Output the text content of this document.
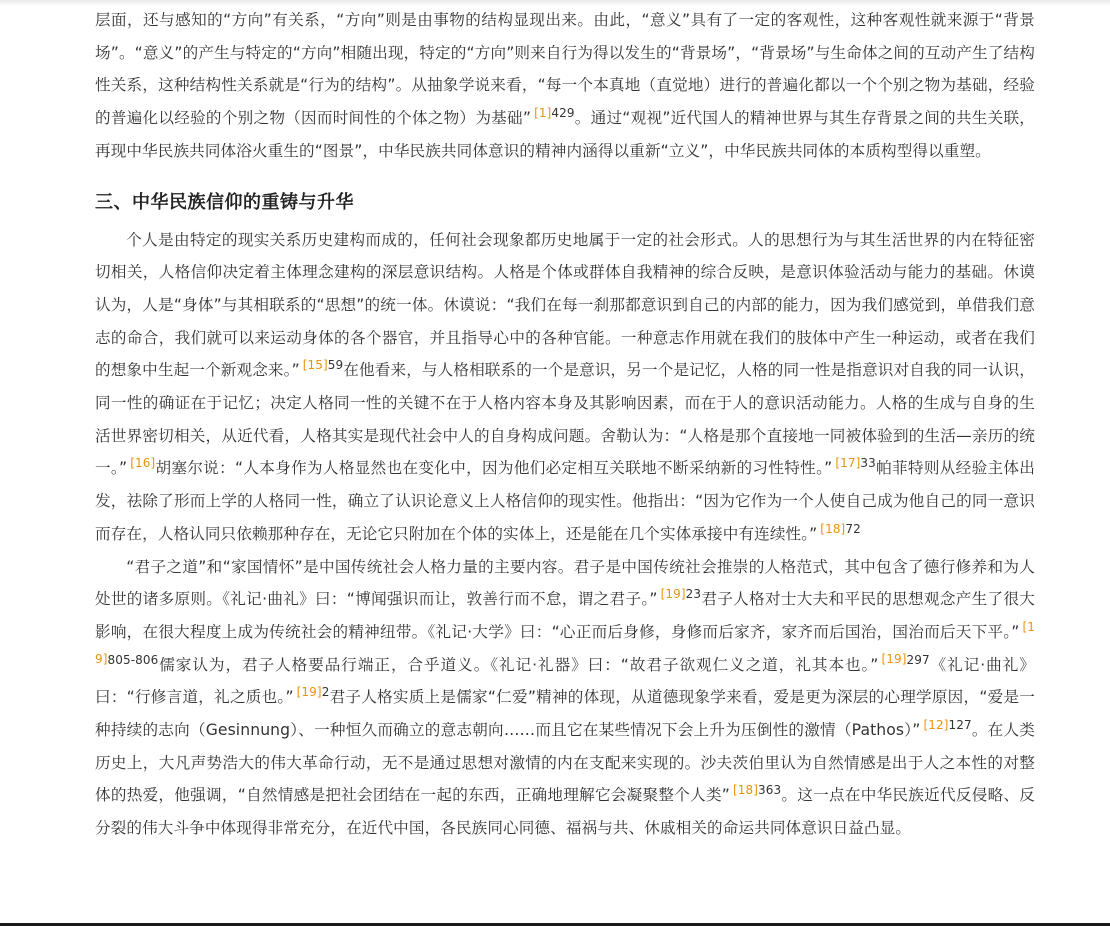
层面，还与感知的“方向”有关系，“方向”则是由事物的结构显现出来。由此，“意义”具有了一定的客观性，这种客观性就来源于“背景场”。“意义”的产生与特定的“方向”相随出现，特定的“方向”则来自行为得以发生的“背景场”，“背景场”与生命体之间的互动产生了结构性关系，这种结构性关系就是“行为的结构”。从抽象学说来看，“每一个本真地（直觉地）进行的普遍化都以一个个别之物为基础，经验的普遍化以经验的个别之物（因而时间性的个体之物）为基础” $^{[1]429}$。通过“观视”近代国人的精神世界与其生存背景之间的共生关联，再现中华民族共同体浴火重生的“图景”，中华民族共同体意识的精神内涵得以重新“立义”，中华民族共同体的本质构型得以重塑。

三、中华民族信仰的重铸与升华

个人是由特定的现实关系历史建构而成的，任何社会现象都历史地属于一定的社会形式。人的思想行为与其生活世界的内在特征密切相关，人格信仰决定着主体理念建构的深层意识结构。人格是个体或群体自我精神的综合反映，是意识体验活动与能力的基础。休谟认为，人是“身体”与其相联系的“思想”的统一体。休谟说：“我们在每一刹那都意识到自己的内部的能力，因为我们感觉到，单借我们意志的命合，我们就可以来运动身体的各个器官，并且指导心中的各种官能。一种意志作用就在我们的肢体中产生一种运动，或者在我们的想象中生起一个新观念来。” $^{[15]59}$在他看来，与人格相联系的一个是意识，另一个是记忆，人格的同一性是指意识对自我的同一认识，同一性的确证在于记忆；决定人格同一性的关键不在于人格内容本身及其影响因素，而在于人的意识活动能力。人格的生成与自身的生活世界密切相关，从近代看，人格其实是现代社会中人的自身构成问题。舍勒认为：“人格是那个直接地一同被体验到的生活—亲历的统一。” [16]胡塞尔说：“人本身作为人格显然也在变化中，因为他们必定相互关联地不断采纳新的习性特性。” $^{[17]33}$帕菲特则从经验主体出发，祛除了形而上学的人格同一性，确立了认识论意义上人格信仰的现实性。他指出：“因为它作为一个人使自己成为他自己的同一意识而存在，人格认同只依赖那种存在，无论它只附加在个体的实体上，还是能在几个实体承接中有连续性。” $^{[18]72}$

“君子之道”和“家国情怀”是中国传统社会人格力量的主要内容。君子是中国传统社会推崇的人格范式，其中包含了德行修养和为人处世的诸多原则。《礼记·曲礼》曰：“博闻强识而让，敦善行而不怠，谓之君子。” $^{[19]23}$君子人格对士大夫和平民的思想观念产生了很大影响，在很大程度上成为传统社会的精神纽带。《礼记·大学》曰：“心正而后身修，身修而后家齐，家齐而后国治，国治而后天下平。” $^{[19]805-806}$儒家认为，君子人格要品行端正，合乎道义。《礼记·礼器》曰：“故君子欲观仁义之道，礼其本也。” $^{[19]297}$《礼记·曲礼》曰：“行修言道，礼之质也。” $^{[19]2}$君子人格实质上是儒家“仁爱”精神的体现，从道德现象学来看，爱是更为深层的心理学原因，“爱是一种持续的志向（Gesinnung）、一种恒久而确立的意志朝向……而且它在某些情况下会上升为压倒性的激情（Pathos）” $^{[12]127}$。在人类历史上，大凡声势浩大的伟大革命行动，无不是通过思想对激情的内在支配来实现的。沙夫茨伯里认为自然情感是出于人之本性的对整体的热爱，他强调，“自然情感是把社会团结在一起的东西，正确地理解它会凝聚整个人类” $^{[18]363}$。这一点在中华民族近代反侵略、反分裂的伟大斗争中体现得非常充分，在近代中国，各民族同心同德、福祸与共、休戚相关的命运共同体意识日益凸显。
